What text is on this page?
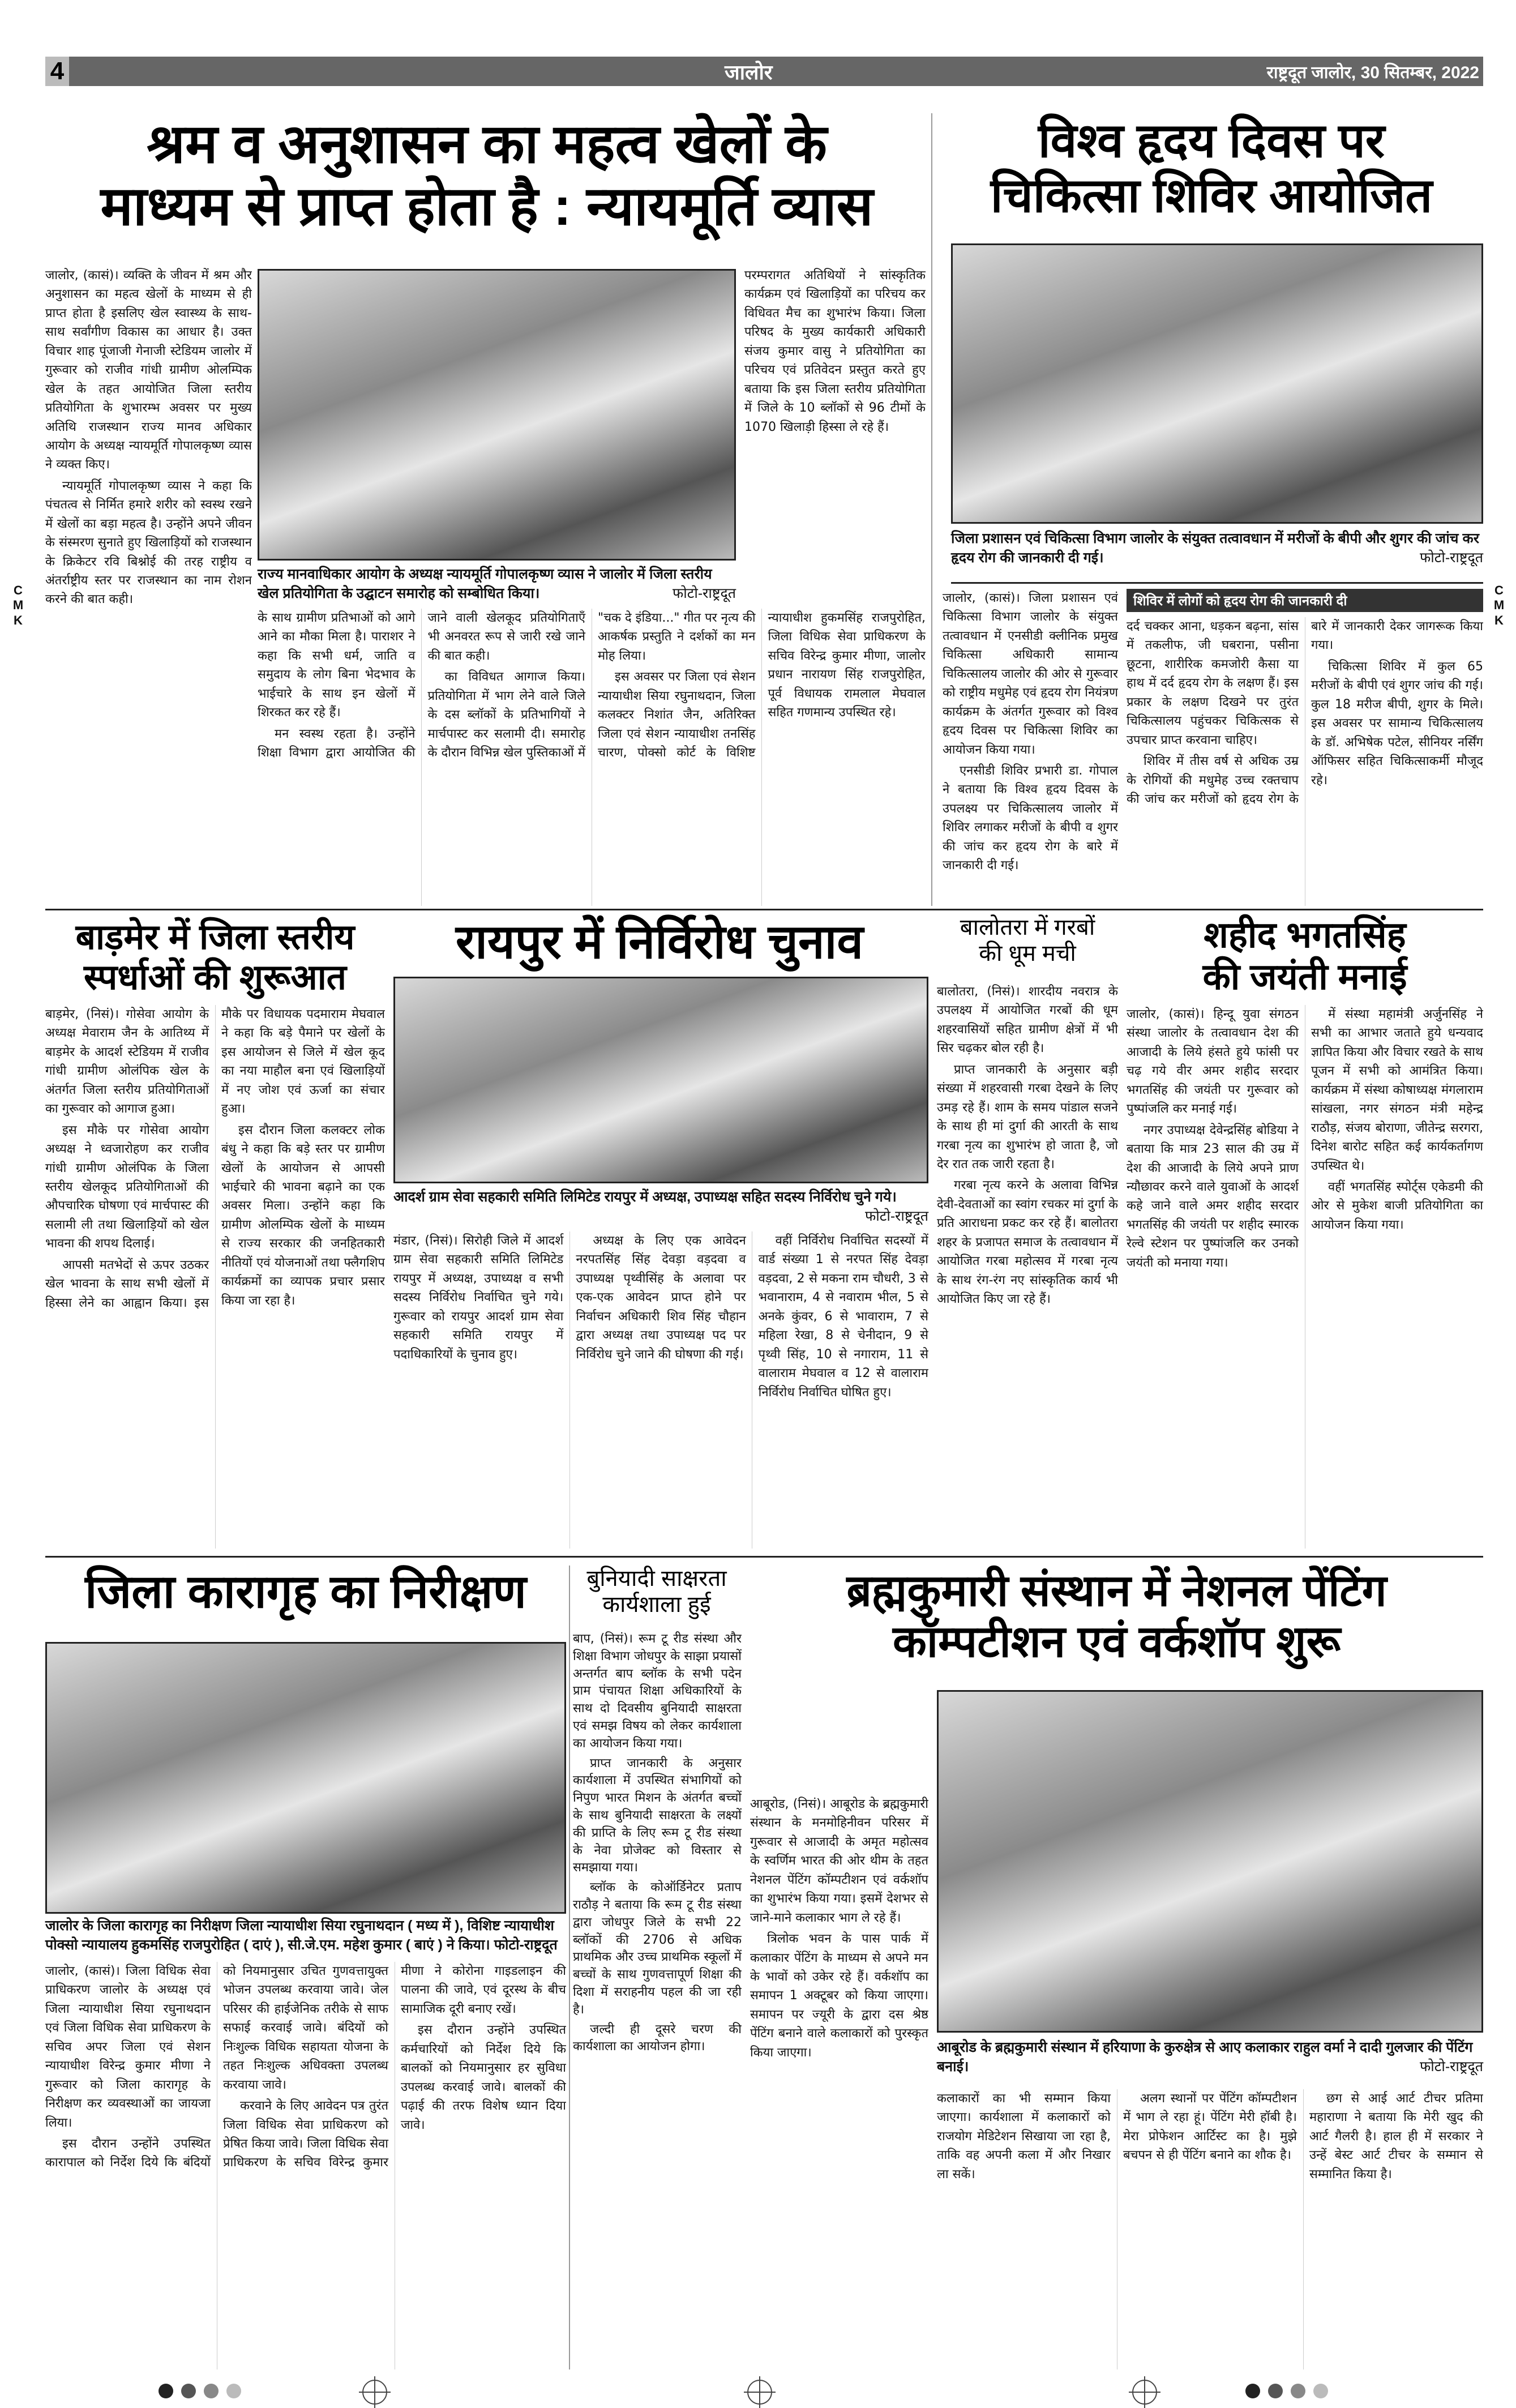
4	जालोर	राष्ट्रदूत जालोर, 30 सितम्बर, 2022
श्रम व अनुशासन का महत्व खेलों के
माध्यम से प्राप्त होता है : न्यायमूर्ति व्यास

जालोर, (कासं)। व्यक्ति के जीवन में श्रम और अनुशासन का महत्व खेलों के माध्यम से ही प्राप्त होता है इसलिए खेल स्वास्थ्य के साथ-साथ सर्वांगीण विकास का आधार है। उक्त विचार शाह पूंजाजी गेनाजी स्टेडियम जालोर में गुरूवार को राजीव गांधी ग्रामीण ओलम्पिक खेल के तहत आयोजित जिला स्तरीय प्रतियोगिता के शुभारम्भ अवसर पर मुख्य अतिथि राजस्थान राज्य मानव अधिकार आयोग के अध्यक्ष न्यायमूर्ति गोपालकृष्ण व्यास ने व्यक्त किए।

न्यायमूर्ति गोपालकृष्ण व्यास ने कहा कि पंचतत्व से निर्मित हमारे शरीर को स्वस्थ रखने में खेलों का बड़ा महत्व है। उन्होंने अपने जीवन के संस्मरण सुनाते हुए खिलाड़ियों को राजस्थान के क्रिकेटर रवि बिश्नोई की तरह राष्ट्रीय व अंतर्राष्ट्रीय स्तर पर राजस्थान का नाम रोशन करने की बात कही।

राज्य मानवाधिकार आयोग के अध्यक्ष न्यायमूर्ति गोपालकृष्ण व्यास ने जालोर में जिला स्तरीय खेल प्रतियोगिता के उद्घाटन समारोह को सम्बोधित किया।	फोटो-राष्ट्रदूत

परम्परागत अतिथियों ने सांस्कृतिक कार्यक्रम एवं खिलाड़ियों का परिचय कर विधिवत मैच का शुभारंभ किया। जिला परिषद के मुख्य कार्यकारी अधिकारी संजय कुमार वासु ने प्रतियोगिता का परिचय एवं प्रतिवेदन प्रस्तुत करते हुए बताया कि इस जिला स्तरीय प्रतियोगिता में जिले के 10 ब्लॉकों से 96 टीमों के 1070 खिलाड़ी हिस्सा ले रहे हैं।

के साथ ग्रामीण प्रतिभाओं को आगे आने का मौका मिला है। पाराशर ने कहा कि सभी धर्म, जाति व समुदाय के लोग बिना भेदभाव के भाईचारे के साथ इन खेलों में शिरकत कर रहे हैं।

मन स्वस्थ रहता है। उन्होंने शिक्षा विभाग द्वारा आयोजित की जाने वाली खेलकूद प्रतियोगिताएँ भी अनवरत रूप से जारी रखे जाने की बात कही।

का विविधत आगाज किया। प्रतियोगिता में भाग लेने वाले जिले के दस ब्लॉकों के प्रतिभागियों ने मार्चपास्ट कर सलामी दी। समारोह के दौरान विभिन्न खेल पुस्तिकाओं में "चक दे इंडिया..." गीत पर नृत्य की आकर्षक प्रस्तुति ने दर्शकों का मन मोह लिया।

इस अवसर पर जिला एवं सेशन न्यायाधीश सिया रघुनाथदान, जिला कलक्टर निशांत जैन, अतिरिक्त जिला एवं सेशन न्यायाधीश तनसिंह चारण, पोक्सो कोर्ट के विशिष्ट न्यायाधीश हुकमसिंह राजपुरोहित, जिला विधिक सेवा प्राधिकरण के सचिव विरेन्द्र कुमार मीणा, जालोर प्रधान नारायण सिंह राजपुरोहित, पूर्व विधायक रामलाल मेघवाल सहित गणमान्य उपस्थित रहे।

विश्व हृदय दिवस पर
चिकित्सा शिविर आयोजित
जिला प्रशासन एवं चिकित्सा विभाग जालोर के संयुक्त तत्वावधान में मरीजों के बीपी और शुगर की जांच कर हृदय रोग की जानकारी दी गई।	फोटो-राष्ट्रदूत
शिविर में लोगों को हृदय रोग की जानकारी दी

जालोर, (कासं)। जिला प्रशासन एवं चिकित्सा विभाग जालोर के संयुक्त तत्वावधान में एनसीडी क्लीनिक प्रमुख चिकित्सा अधिकारी सामान्य चिकित्सालय जालोर की ओर से गुरूवार को राष्ट्रीय मधुमेह एवं हृदय रोग नियंत्रण कार्यक्रम के अंतर्गत गुरूवार को विश्व हृदय दिवस पर चिकित्सा शिविर का आयोजन किया गया।

एनसीडी शिविर प्रभारी डा. गोपाल ने बताया कि विश्व हृदय दिवस के उपलक्ष्य पर चिकित्सालय जालोर में शिविर लगाकर मरीजों के बीपी व शुगर की जांच कर हृदय रोग के बारे में जानकारी दी गई।

दर्द चक्कर आना, धड़कन बढ़ना, सांस में तकलीफ, जी घबराना, पसीना छूटना, शारीरिक कमजोरी कैसा या हाथ में दर्द हृदय रोग के लक्षण हैं। इस प्रकार के लक्षण दिखने पर तुरंत चिकित्सालय पहुंचकर चिकित्सक से उपचार प्राप्त करवाना चाहिए।

शिविर में तीस वर्ष से अधिक उम्र के रोगियों की मधुमेह उच्च रक्तचाप की जांच कर मरीजों को हृदय रोग के बारे में जानकारी देकर जागरूक किया गया।

चिकित्सा शिविर में कुल 65 मरीजों के बीपी एवं शुगर जांच की गई। कुल 18 मरीज बीपी, शुगर के मिले। इस अवसर पर सामान्य चिकित्सालय के डॉ. अभिषेक पटेल, सीनियर नर्सिंग ऑफिसर सहित चिकित्साकर्मी मौजूद रहे।

बाड़मेर में जिला स्तरीय
स्पर्धाओं की शुरूआत

बाड़मेर, (निसं)। गोसेवा आयोग के अध्यक्ष मेवाराम जैन के आतिथ्य में बाड़मेर के आदर्श स्टेडियम में राजीव गांधी ग्रामीण ओलंपिक खेल के अंतर्गत जिला स्तरीय प्रतियोगिताओं का गुरूवार को आगाज हुआ।

इस मौके पर गोसेवा आयोग अध्यक्ष ने ध्वजारोहण कर राजीव गांधी ग्रामीण ओलंपिक के जिला स्तरीय खेलकूद प्रतियोगिताओं की औपचारिक घोषणा एवं मार्चपास्ट की सलामी ली तथा खिलाड़ियों को खेल भावना की शपथ दिलाई।

आपसी मतभेदों से ऊपर उठकर खेल भावना के साथ सभी खेलों में हिस्सा लेने का आह्वान किया। इस मौके पर विधायक पदमाराम मेघवाल ने कहा कि बड़े पैमाने पर खेलों के इस आयोजन से जिले में खेल कूद का नया माहौल बना एवं खिलाड़ियों में नए जोश एवं ऊर्जा का संचार हुआ।

इस दौरान जिला कलक्टर लोक बंधु ने कहा कि बड़े स्तर पर ग्रामीण खेलों के आयोजन से आपसी भाईचारे की भावना बढ़ाने का एक अवसर मिला। उन्होंने कहा कि ग्रामीण ओलम्पिक खेलों के माध्यम से राज्य सरकार की जनहितकारी नीतियों एवं योजनाओं तथा फ्लैगशिप कार्यक्रमों का व्यापक प्रचार प्रसार किया जा रहा है।

रायपुर में निर्विरोध चुनाव
आदर्श ग्राम सेवा सहकारी समिति लिमिटेड रायपुर में अध्यक्ष, उपाध्यक्ष सहित सदस्य निर्विरोध चुने गये।

फोटो-राष्ट्रदूत

मंडार, (निसं)। सिरोही जिले में आदर्श ग्राम सेवा सहकारी समिति लिमिटेड रायपुर में अध्यक्ष, उपाध्यक्ष व सभी सदस्य निर्विरोध निर्वाचित चुने गये। गुरूवार को रायपुर आदर्श ग्राम सेवा सहकारी समिति रायपुर में पदाधिकारियों के चुनाव हुए।

अध्यक्ष के लिए एक आवेदन नरपतसिंह सिंह देवड़ा वड़दवा व उपाध्यक्ष पृथ्वीसिंह के अलावा पर एक-एक आवेदन प्राप्त होने पर निर्वाचन अधिकारी शिव सिंह चौहान द्वारा अध्यक्ष तथा उपाध्यक्ष पद पर निर्विरोध चुने जाने की घोषणा की गई।

वहीं निर्विरोध निर्वाचित सदस्यों में वार्ड संख्या 1 से नरपत सिंह देवड़ा वड़दवा, 2 से मकना राम चौधरी, 3 से भवानाराम, 4 से नवाराम भील, 5 से अनके कुंवर, 6 से भावाराम, 7 से महिला रेखा, 8 से चेनीदान, 9 से पृथ्वी सिंह, 10 से नगाराम, 11 से वालाराम मेघवाल व 12 से वालाराम निर्विरोध निर्वाचित घोषित हुए।

बालोतरा में गरबों
की धूम मची

बालोतरा, (निसं)। शारदीय नवरात्र के उपलक्ष्य में आयोजित गरबों की धूम शहरवासियों सहित ग्रामीण क्षेत्रों में भी सिर चढ़कर बोल रही है।

प्राप्त जानकारी के अनुसार बड़ी संख्या में शहरवासी गरबा देखने के लिए उमड़ रहे हैं। शाम के समय पांडाल सजने के साथ ही मां दुर्गा की आरती के साथ गरबा नृत्य का शुभारंभ हो जाता है, जो देर रात तक जारी रहता है।

गरबा नृत्य करने के अलावा विभिन्न देवी-देवताओं का स्वांग रचकर मां दुर्गा के प्रति आराधना प्रकट कर रहे हैं। बालोतरा शहर के प्रजापत समाज के तत्वावधान में आयोजित गरबा महोत्सव में गरबा नृत्य के साथ रंग-रंग नए सांस्कृतिक कार्य भी आयोजित किए जा रहे हैं।

शहीद भगतसिंह
की जयंती मनाई

जालोर, (कासं)। हिन्दू युवा संगठन संस्था जालोर के तत्वावधान देश की आजादी के लिये हंसते हुये फांसी पर चढ़ गये वीर अमर शहीद सरदार भगतसिंह की जयंती पर गुरूवार को पुष्पांजलि कर मनाई गई।

नगर उपाध्यक्ष देवेन्द्रसिंह बोडिया ने बताया कि मात्र 23 साल की उम्र में देश की आजादी के लिये अपने प्राण न्यौछावर करने वाले युवाओं के आदर्श कहे जाने वाले अमर शहीद सरदार भगतसिंह की जयंती पर शहीद स्मारक रेल्वे स्टेशन पर पुष्पांजलि कर उनको जयंती को मनाया गया।

में संस्था महामंत्री अर्जुनसिंह ने सभी का आभार जताते हुये धन्यवाद ज्ञापित किया और विचार रखते के साथ पूजन में सभी को आमंत्रित किया। कार्यक्रम में संस्था कोषाध्यक्ष मंगलाराम सांखला, नगर संगठन मंत्री महेन्द्र राठौड़, संजय बोराणा, जीतेन्द्र सरगरा, दिनेश बारोट सहित कई कार्यकर्तागण उपस्थित थे।

वहीं भगतसिंह स्पोर्ट्स एकेडमी की ओर से मुकेश बाजी प्रतियोगिता का आयोजन किया गया।

जिला कारागृह का निरीक्षण
जालोर के जिला कारागृह का निरीक्षण जिला न्यायाधीश सिया रघुनाथदान ( मध्य में ), विशिष्ट न्यायाधीश पोक्सो न्यायालय हुकमसिंह राजपुरोहित ( दाएं ), सी.जे.एम. महेश कुमार ( बाएं ) ने किया। फोटो-राष्ट्रदूत

जालोर, (कासं)। जिला विधिक सेवा प्राधिकरण जालोर के अध्यक्ष एवं जिला न्यायाधीश सिया रघुनाथदान एवं जिला विधिक सेवा प्राधिकरण के सचिव अपर जिला एवं सेशन न्यायाधीश विरेन्द्र कुमार मीणा ने गुरूवार को जिला कारागृह के निरीक्षण कर व्यवस्थाओं का जायजा लिया।

इस दौरान उन्होंने उपस्थित कारापाल को निर्देश दिये कि बंदियों को नियमानुसार उचित गुणवत्तायुक्त भोजन उपलब्ध करवाया जावे। जेल परिसर की हाईजेनिक तरीके से साफ सफाई करवाई जावे। बंदियों को निःशुल्क विधिक सहायता योजना के तहत निःशुल्क अधिवक्ता उपलब्ध करवाया जावे।

करवाने के लिए आवेदन पत्र तुरंत जिला विधिक सेवा प्राधिकरण को प्रेषित किया जावे। जिला विधिक सेवा प्राधिकरण के सचिव विरेन्द्र कुमार मीणा ने कोरोना गाइडलाइन की पालना की जावे, एवं दूरस्थ के बीच सामाजिक दूरी बनाए रखें।

इस दौरान उन्होंने उपस्थित कर्मचारियों को निर्देश दिये कि बालकों को नियमानुसार हर सुविधा उपलब्ध करवाई जावे। बालकों की पढ़ाई की तरफ विशेष ध्यान दिया जावे।

बुनियादी साक्षरता
कार्यशाला हुई

बाप, (निसं)। रूम टू रीड संस्था और शिक्षा विभाग जोधपुर के साझा प्रयासों अन्तर्गत बाप ब्लॉक के सभी पदेन प्राम पंचायत शिक्षा अधिकारियों के साथ दो दिवसीय बुनियादी साक्षरता एवं समझ विषय को लेकर कार्यशाला का आयोजन किया गया।

प्राप्त जानकारी के अनुसार कार्यशाला में उपस्थित संभागियों को निपुण भारत मिशन के अंतर्गत बच्चों के साथ बुनियादी साक्षरता के लक्ष्यों की प्राप्ति के लिए रूम टू रीड संस्था के नेवा प्रोजेक्ट को विस्तार से समझाया गया।

ब्लॉक के कोऑर्डिनेटर प्रताप राठौड़ ने बताया कि रूम टू रीड संस्था द्वारा जोधपुर जिले के सभी 22 ब्लॉकों की 2706 से अधिक प्राथमिक और उच्च प्राथमिक स्कूलों में बच्चों के साथ गुणवत्तापूर्ण शिक्षा की दिशा में सराहनीय पहल की जा रही है।

जल्दी ही दूसरे चरण की कार्यशाला का आयोजन होगा।

ब्रह्मकुमारी संस्थान में नेशनल पेंटिंग
कॉम्पटीशन एवं वर्कशॉप शुरू

आबूरोड, (निसं)। आबूरोड के ब्रह्मकुमारी संस्थान के मनमोहिनीवन परिसर में गुरूवार से आजादी के अमृत महोत्सव के स्वर्णिम भारत की ओर थीम के तहत नेशनल पेंटिंग कॉम्पटीशन एवं वर्कशॉप का शुभारंभ किया गया। इसमें देशभर से जाने-माने कलाकार भाग ले रहे हैं।

त्रिलोक भवन के पास पार्क में कलाकार पेंटिंग के माध्यम से अपने मन के भावों को उकेर रहे हैं। वर्कशॉप का समापन 1 अक्टूबर को किया जाएगा। समापन पर ज्यूरी के द्वारा दस श्रेष्ठ पेंटिंग बनाने वाले कलाकारों को पुरस्कृत किया जाएगा।	आबूरोड के ब्रह्मकुमारी संस्थान में हरियाणा के कुरुक्षेत्र से आए कलाकार राहुल वर्मा ने दादी गुलजार की पेंटिंग बनाई।	फोटो-राष्ट्रदूत

कलाकारों का भी सम्मान किया जाएगा। कार्यशाला में कलाकारों को राजयोग मेडिटेशन सिखाया जा रहा है, ताकि वह अपनी कला में और निखार ला सकें।

अलग स्थानों पर पेंटिंग कॉम्पटीशन में भाग ले रहा हूं। पेंटिंग मेरी हॉबी है। मेरा प्रोफेशन आर्टिस्ट का है। मुझे बचपन से ही पेंटिंग बनाने का शौक है।

छग से आई आर्ट टीचर प्रतिमा महाराणा ने बताया कि मेरी खुद की आर्ट गैलरी है। हाल ही में सरकार ने उन्हें बेस्ट आर्ट टीचर के सम्मान से सम्मानित किया है।

C
M
K
C
M
K
